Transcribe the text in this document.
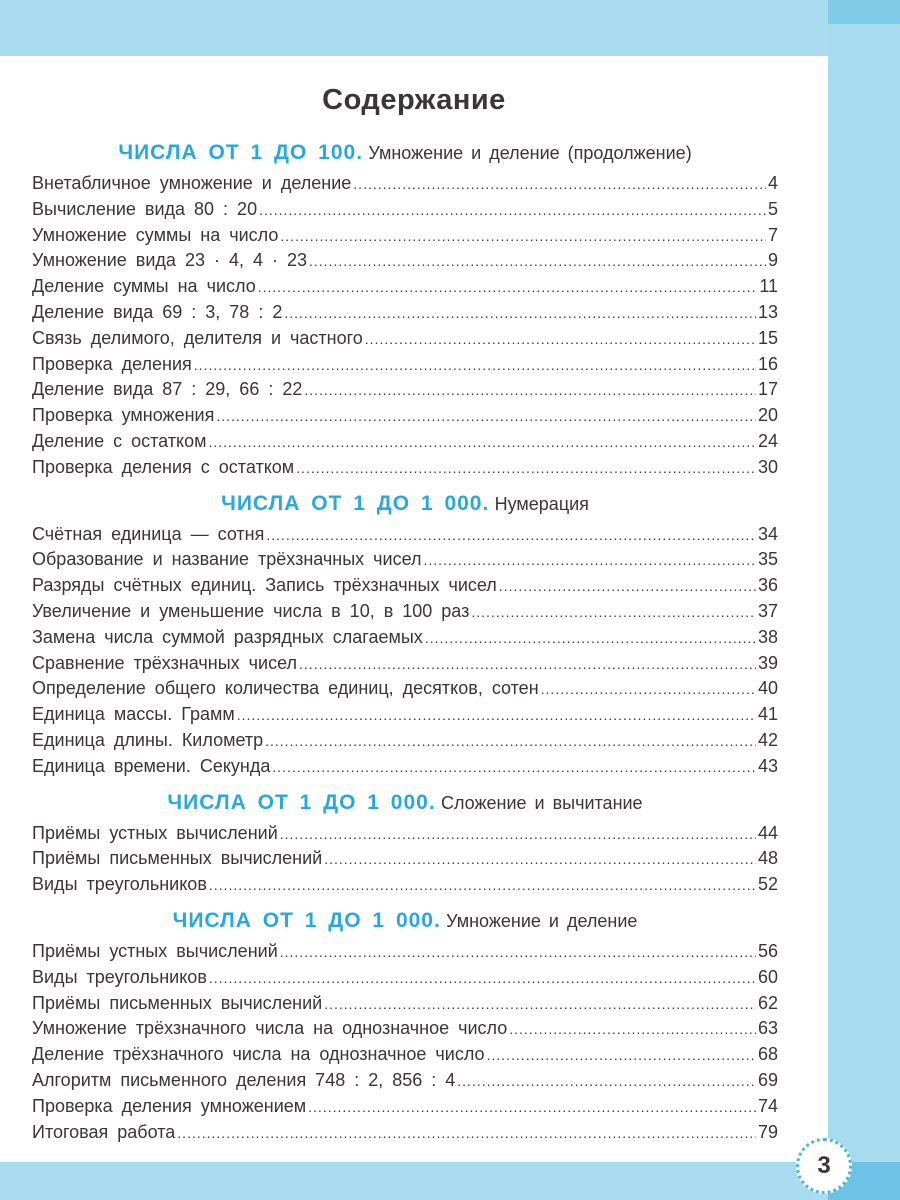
Содержание
ЧИСЛА ОТ 1 ДО 100. Умножение и деление (продолжение)
Внетабличное умножение и деление .....	4
Вычисление вида 80 : 20 .....	5
Умножение суммы на число .....	7
Умножение вида 23 · 4, 4 · 23 .....	9
Деление суммы на число .....	11
Деление вида 69 : 3, 78 : 2 .....	13
Связь делимого, делителя и частного .....	15
Проверка деления .....	16
Деление вида 87 : 29, 66 : 22 .....	17
Проверка умножения .....	20
Деление с остатком .....	24
Проверка деления с остатком .....	30
ЧИСЛА ОТ 1 ДО 1 000. Нумерация
Счётная единица — сотня .....	34
Образование и название трёхзначных чисел .....	35
Разряды счётных единиц. Запись трёхзначных чисел .....	36
Увеличение и уменьшение числа в 10, в 100 раз .....	37
Замена числа суммой разрядных слагаемых .....	38
Сравнение трёхзначных чисел .....	39
Определение общего количества единиц, десятков, сотен .....	40
Единица массы. Грамм .....	41
Единица длины. Километр .....	42
Единица времени. Секунда .....	43
ЧИСЛА ОТ 1 ДО 1 000. Сложение и вычитание
Приёмы устных вычислений .....	44
Приёмы письменных вычислений .....	48
Виды треугольников .....	52
ЧИСЛА ОТ 1 ДО 1 000. Умножение и деление
Приёмы устных вычислений .....	56
Виды треугольников .....	60
Приёмы письменных вычислений .....	62
Умножение трёхзначного числа на однозначное число .....	63
Деление трёхзначного числа на однозначное число .....	68
Алгоритм письменного деления 748 : 2, 856 : 4 .....	69
Проверка деления умножением .....	74
Итоговая работа .....	79
3
